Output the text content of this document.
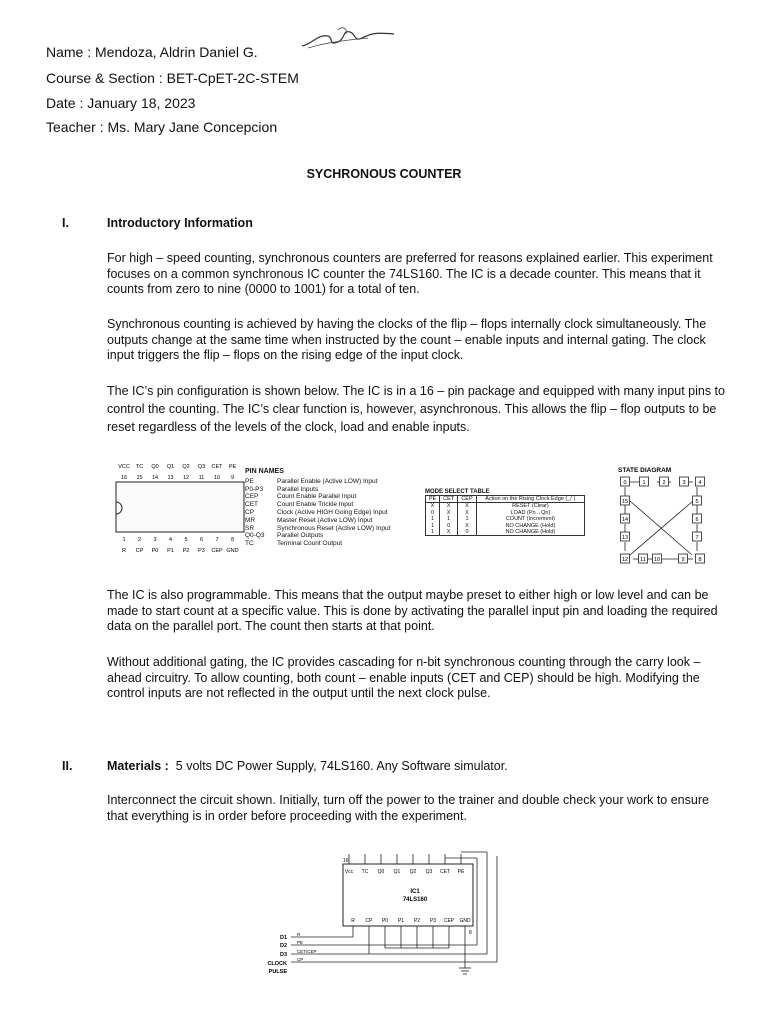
Name : Mendoza, Aldrin Daniel G.
Course & Section : BET-CpET-2C-STEM
Date : January 18, 2023
Teacher : Ms. Mary Jane Concepcion
SYCHRONOUS COUNTER
I.	Introductory Information

For high – speed counting, synchronous counters are preferred for reasons explained earlier. This experiment focuses on a common synchronous IC counter the 74LS160. The IC is a decade counter. This means that it counts from zero to nine (0000 to 1001) for a total of ten.

Synchronous counting is achieved by having the clocks of the flip – flops internally clock simultaneously. The outputs change at the same time when instructed by the count – enable inputs and internal gating. The clock input triggers the flip – flops on the rising edge of the input clock.

The IC’s pin configuration is shown below. The IC is in a 16 – pin package and equipped with many input pins to control the counting. The IC’s clear function is, however, asynchronous. This allows the flip – flop outputs to be reset regardless of the levels of the clock, load and enable inputs.

VCC
16
TC
15
Q0
14
Q1
13
Q2
12
Q3
11
CET
10
PE
9
1
R
2
CP
3
P0
4
P1
5
P2
6
P3
7
CEP
8
GND
PIN NAMES
PE	Parallel Enable (Active LOW) Input
P0-P3	Parallel Inputs
CEP	Count Enable Parallel Input
CET	Count Enable Trickle Input
CP	Clock (Active HIGH Going Edge) Input
MR	Master Reset (Active LOW) Input
SR	Synchronous Reset (Active LOW) Input
Q0-Q3	Parallel Outputs
TC	Terminal Count Output
MODE SELECT TABLE
PE	CET	CEP	Action on the Rising Clock Edge (_/‾)
X	X	X	RESET (Clear)
0	X	X	LOAD (Pn→Qn)
1	1	1	COUNT (Increment)
1	0	X	NO CHANGE (Hold)
1	X	0	NO CHANGE (Hold)
STATE DIAGRAM
0	1	2	3 4
15	5
14	6
13	7
12 11 10	9	8

The IC is also programmable. This means that the output maybe preset to either high or low level and can be made to start count at a specific value. This is done by activating the parallel input pin and loading the required data on the parallel port. The count then starts at that point.

Without additional gating, the IC provides cascading for n-bit synchronous counting through the carry look – ahead circuitry. To allow counting, both count – enable inputs (CET and CEP) should be high. Modifying the control inputs are not reflected in the output until the next clock pulse.

II.	Materials : 5 volts DC Power Supply, 74LS160. Any Software simulator.

Interconnect the circuit shown. Initially, turn off the power to the trainer and double check your work to ensure that everything is in order before proceeding with the experiment.

16
Vcc TC Q0 Q1 Q2 Q3 CET PE
R CP P0 P1 P2 P3 CEP GND
IC1
74LS160
8
R
PE
CET/CEP
CP
D1
D2
D3
CLOCK
PULSE
